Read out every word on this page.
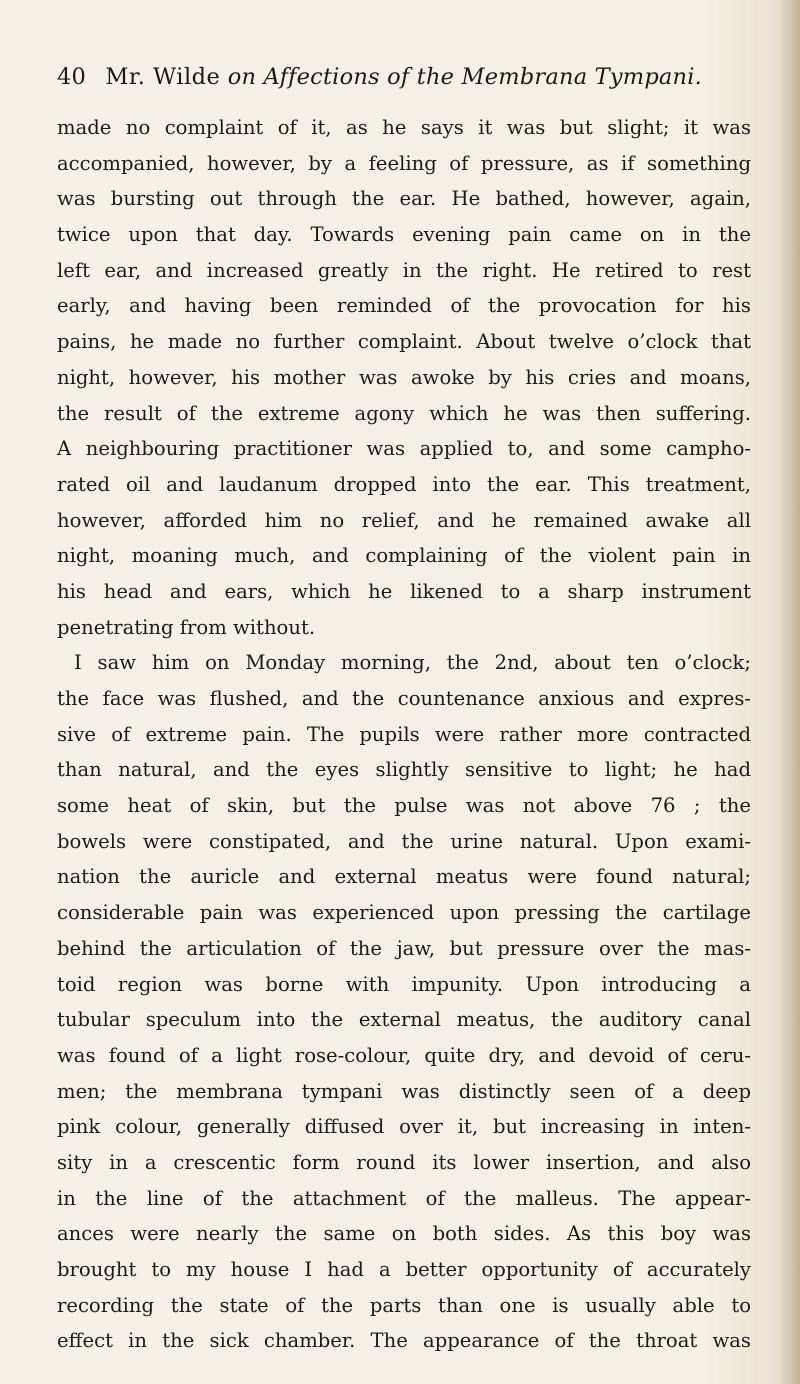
40 Mr. Wilde on Affections of the Membrana Tympani.
made no complaint of it, as he says it was but slight; it was
accompanied, however, by a feeling of pressure, as if something
was bursting out through the ear. He bathed, however, again,
twice upon that day. Towards evening pain came on in the
left ear, and increased greatly in the right. He retired to rest
early, and having been reminded of the provocation for his
pains, he made no further complaint. About twelve o’clock that
night, however, his mother was awoke by his cries and moans,
the result of the extreme agony which he was then suffering.
A neighbouring practitioner was applied to, and some campho-
rated oil and laudanum dropped into the ear. This treatment,
however, afforded him no relief, and he remained awake all
night, moaning much, and complaining of the violent pain in
his head and ears, which he likened to a sharp instrument
penetrating from without.
I saw him on Monday morning, the 2nd, about ten o’clock;
the face was flushed, and the countenance anxious and expres-
sive of extreme pain. The pupils were rather more contracted
than natural, and the eyes slightly sensitive to light; he had
some heat of skin, but the pulse was not above 76 ; the
bowels were constipated, and the urine natural. Upon exami-
nation the auricle and external meatus were found natural;
considerable pain was experienced upon pressing the cartilage
behind the articulation of the jaw, but pressure over the mas-
toid region was borne with impunity. Upon introducing a
tubular speculum into the external meatus, the auditory canal
was found of a light rose-colour, quite dry, and devoid of ceru-
men; the membrana tympani was distinctly seen of a deep
pink colour, generally diffused over it, but increasing in inten-
sity in a crescentic form round its lower insertion, and also
in the line of the attachment of the malleus. The appear-
ances were nearly the same on both sides. As this boy was
brought to my house I had a better opportunity of accurately
recording the state of the parts than one is usually able to
effect in the sick chamber. The appearance of the throat was
